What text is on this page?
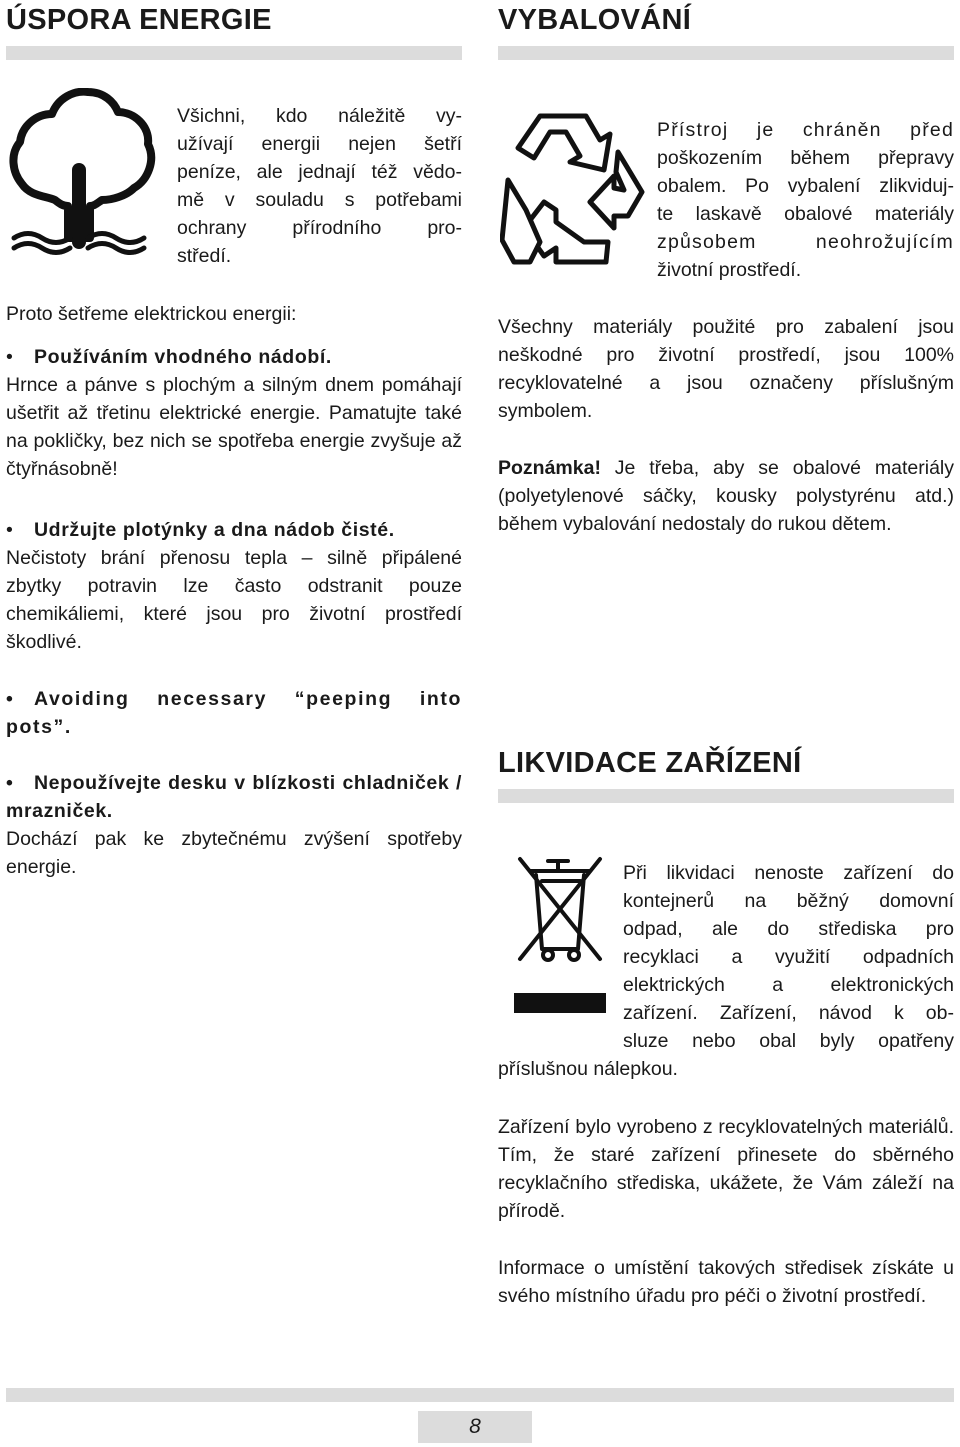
ÚSPORA ENERGIE

Všichni, kdo náležitě vy-

užívají energii nejen šetří

peníze, ale jednají též vědo-

mě v souladu s potřebami

ochrany přírodního pro-

středí.

Proto šetřeme elektrickou energii:

•	Používáním vhodného nádobí.

Hrnce a pánve s plochým a silným dnem pomáhají ušetřit až třetinu elektrické energie. Pamatujte také na pokličky, bez nich se spotřeba energie zvyšuje až čtyřnásobně!

•	Udržujte plotýnky a dna nádob čisté.

Nečistoty brání přenosu tepla – silně připálené zbytky potravin lze často odstranit pouze chemikáliemi, které jsou pro životní prostředí škodlivé.

• Avoiding necessary “peeping into pots”.

• Nepoužívejte desku v blízkosti chladniček / mrazniček.

Dochází pak ke zbytečnému zvýšení spotřeby energie.

VYBALOVÁNÍ

Přístroj je chráněn před

poškozením během přepravy

obalem. Po vybalení zlikviduj-

te laskavě obalové materiály

způsobem neohrožujícím

životní prostředí.

Všechny materiály použité pro zabalení jsou neškodné pro životní prostředí, jsou 100% recyklovatelné a jsou označeny příslušným symbolem.

Poznámka! Je třeba, aby se obalové materiály (polyetylenové sáčky, kousky polystyrénu atd.) během vybalování nedostaly do rukou dětem.

LIKVIDACE ZAŘÍZENÍ

Při likvidaci nenoste zařízení do

kontejnerů na běžný domovní

odpad, ale do střediska pro

recyklaci a využití odpadních

elektrických a elektronických

zařízení. Zařízení, návod k ob-

sluze nebo obal byly opatřeny

příslušnou nálepkou.

Zařízení bylo vyrobeno z recyklovatelných materiálů. Tím, že staré zařízení přinesete do sběrného recyklačního střediska, ukážete, že Vám záleží na přírodě.

Informace o umístění takových středisek získáte u svého místního úřadu pro péči o životní prostředí.

8
